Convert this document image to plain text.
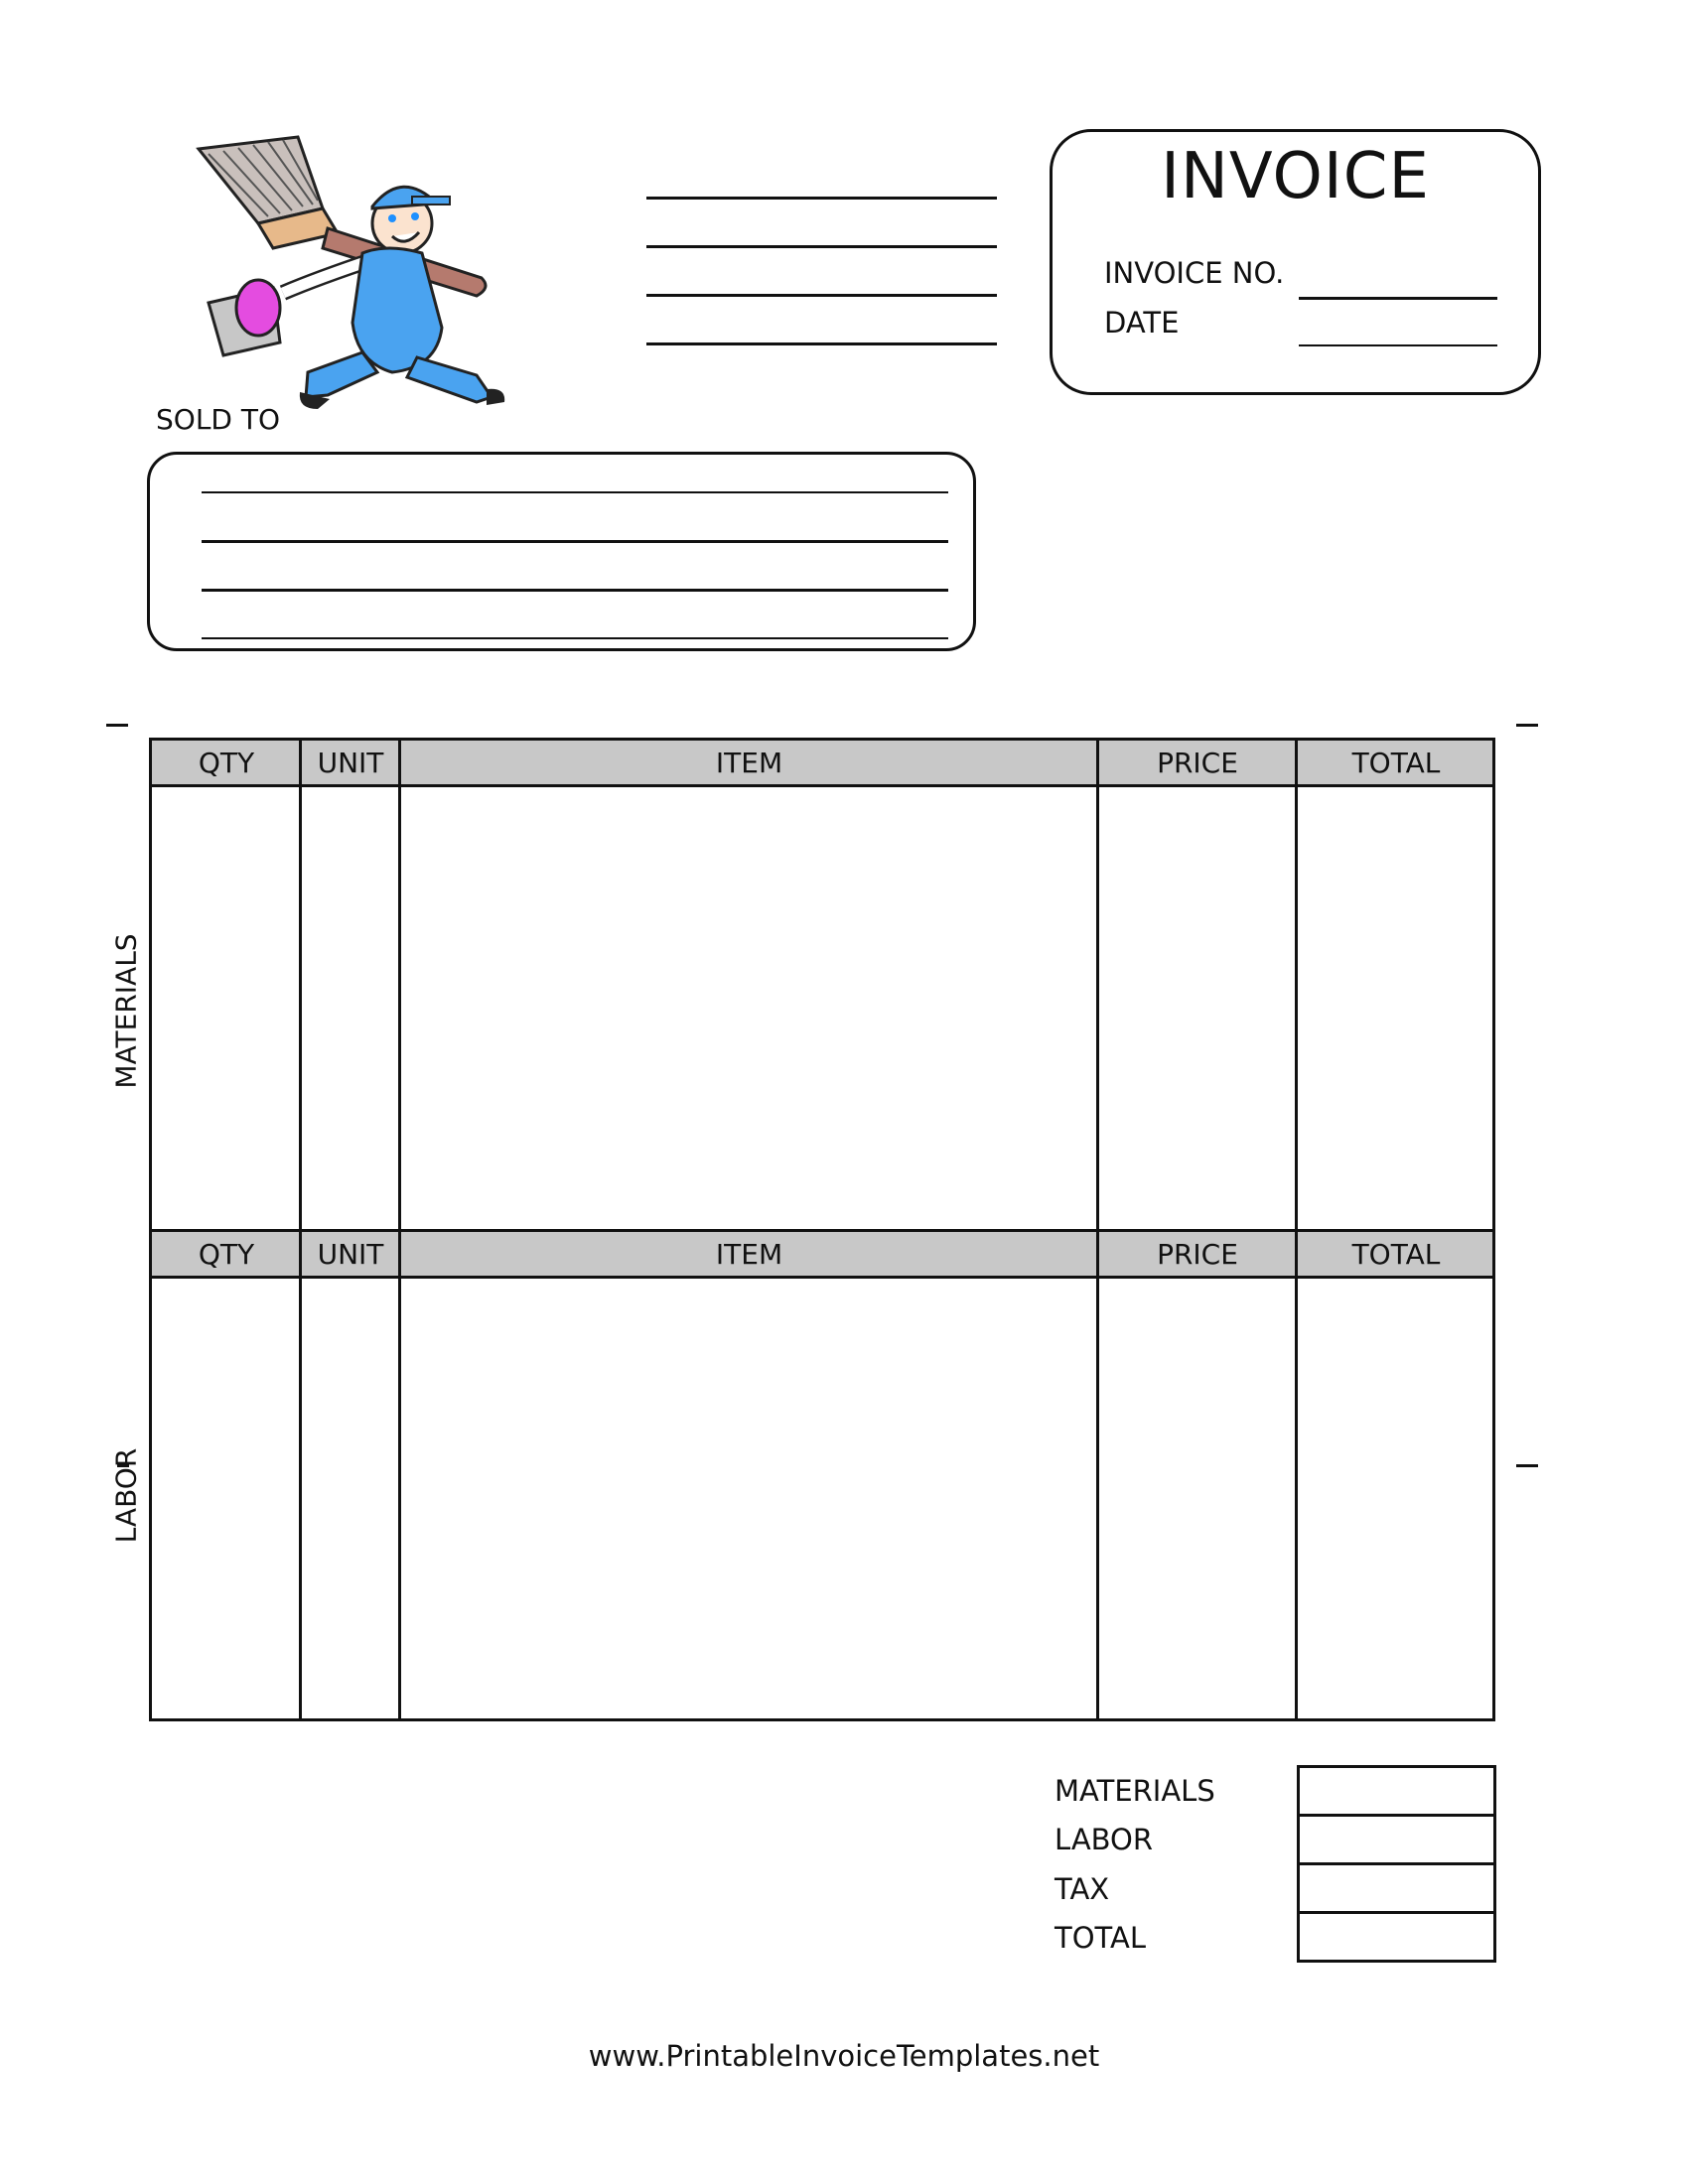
INVOICE
INVOICE NO.
DATE
SOLD TO
MATERIALS
LABOR
QTY	UNIT	ITEM	PRICE	TOTAL
QTY	UNIT	ITEM	PRICE	TOTAL
MATERIALS
LABOR
TAX
TOTAL
www.PrintableInvoiceTemplates.net
